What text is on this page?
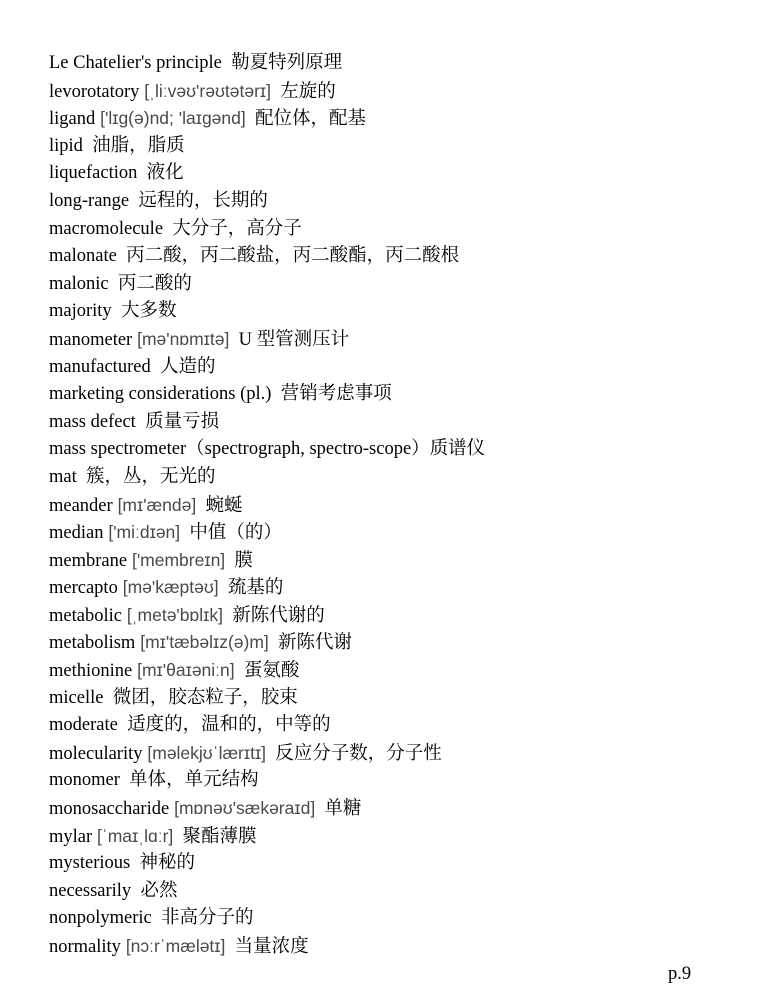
Le Chatelier's principle 勒夏特列原理
levorotatory [ˌliːvəʊ'rəʊtətərɪ] 左旋的
ligand ['lɪg(ə)nd; 'laɪgənd] 配位体，配基
lipid 油脂，脂质
liquefaction 液化
long-range 远程的，长期的
macromolecule 大分子，高分子
malonate 丙二酸，丙二酸盐，丙二酸酯，丙二酸根
malonic 丙二酸的
majority 大多数
manometer [mə'nɒmɪtə] U 型管测压计
manufactured 人造的
marketing considerations (pl.) 营销考虑事项
mass defect 质量亏损
mass spectrometer（spectrograph, spectro-scope）质谱仪
mat 簇，丛，无光的
meander [mɪ'ændə] 蜿蜒
median ['miːdɪən] 中值（的）
membrane ['membreɪn] 膜
mercapto [mə'kæptəʊ] 巯基的
metabolic [ˌmetə'bɒlɪk] 新陈代谢的
metabolism [mɪ'tæbəlɪz(ə)m] 新陈代谢
methionine [mɪ'θaɪəniːn] 蛋氨酸
micelle 微团，胶态粒子，胶束
moderate 适度的，温和的，中等的
molecularity [məlekjʊˈlærɪtɪ] 反应分子数，分子性
monomer 单体，单元结构
monosaccharide [mɒnəʊ'sækəraɪd] 单糖
mylar [ˈmaɪˌlɑːr] 聚酯薄膜
mysterious 神秘的
necessarily 必然
nonpolymeric 非高分子的
normality [nɔːrˈmælətɪ] 当量浓度
p.9
